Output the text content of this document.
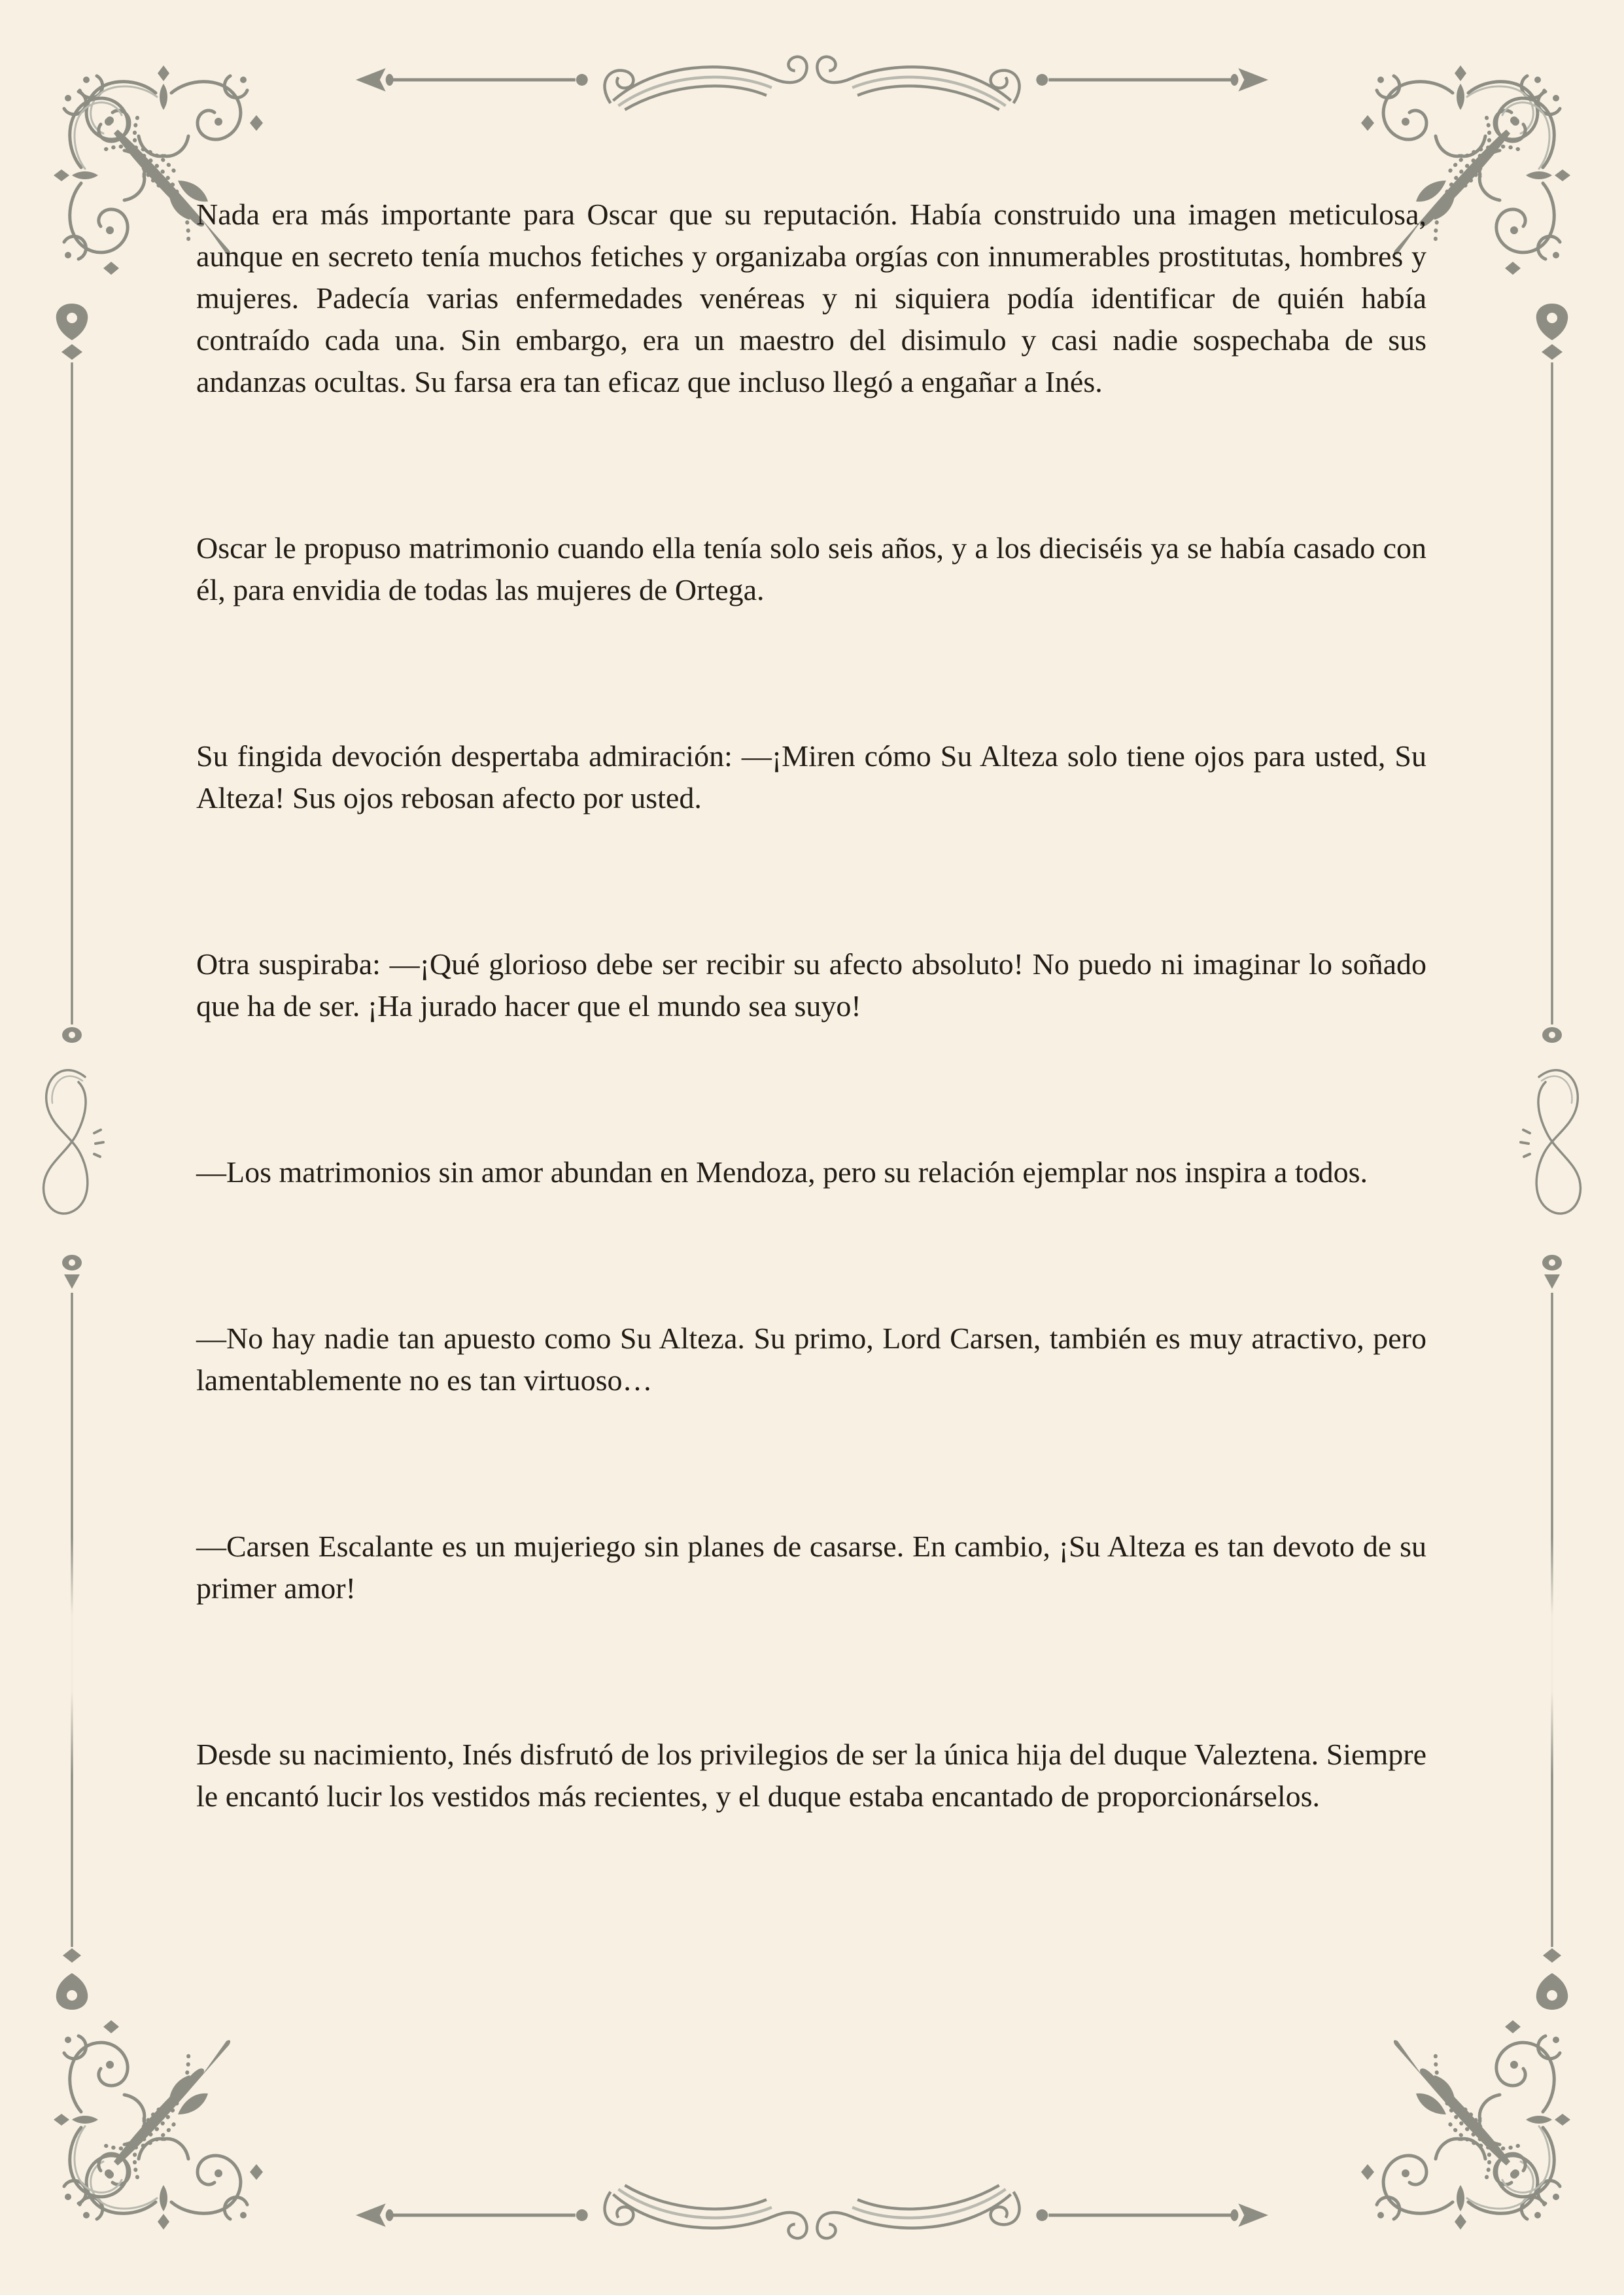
Nada era más importante para Oscar que su reputación. Había construido una imagen meticulosa, aunque en secreto tenía muchos fetiches y organizaba orgías con innumerables prostitutas, hombres y mujeres. Padecía varias enfermedades venéreas y ni siquiera podía identificar de quién había contraído cada una. Sin embargo, era un maestro del disimulo y casi nadie sospechaba de sus andanzas ocultas. Su farsa era tan eficaz que incluso llegó a engañar a Inés.

Oscar le propuso matrimonio cuando ella tenía solo seis años, y a los dieciséis ya se había casado con él, para envidia de todas las mujeres de Ortega.

Su fingida devoción despertaba admiración: —¡Miren cómo Su Alteza solo tiene ojos para usted, Su Alteza! Sus ojos rebosan afecto por usted.

Otra suspiraba: —¡Qué glorioso debe ser recibir su afecto absoluto! No puedo ni imaginar lo soñado que ha de ser. ¡Ha jurado hacer que el mundo sea suyo!

—Los matrimonios sin amor abundan en Mendoza, pero su relación ejemplar nos inspira a todos.

—No hay nadie tan apuesto como Su Alteza. Su primo, Lord Carsen, también es muy atractivo, pero lamentablemente no es tan virtuoso…

—Carsen Escalante es un mujeriego sin planes de casarse. En cambio, ¡Su Alteza es tan devoto de su primer amor!

Desde su nacimiento, Inés disfrutó de los privilegios de ser la única hija del duque Valeztena. Siempre le encantó lucir los vestidos más recientes, y el duque estaba encantado de proporcionárselos.
